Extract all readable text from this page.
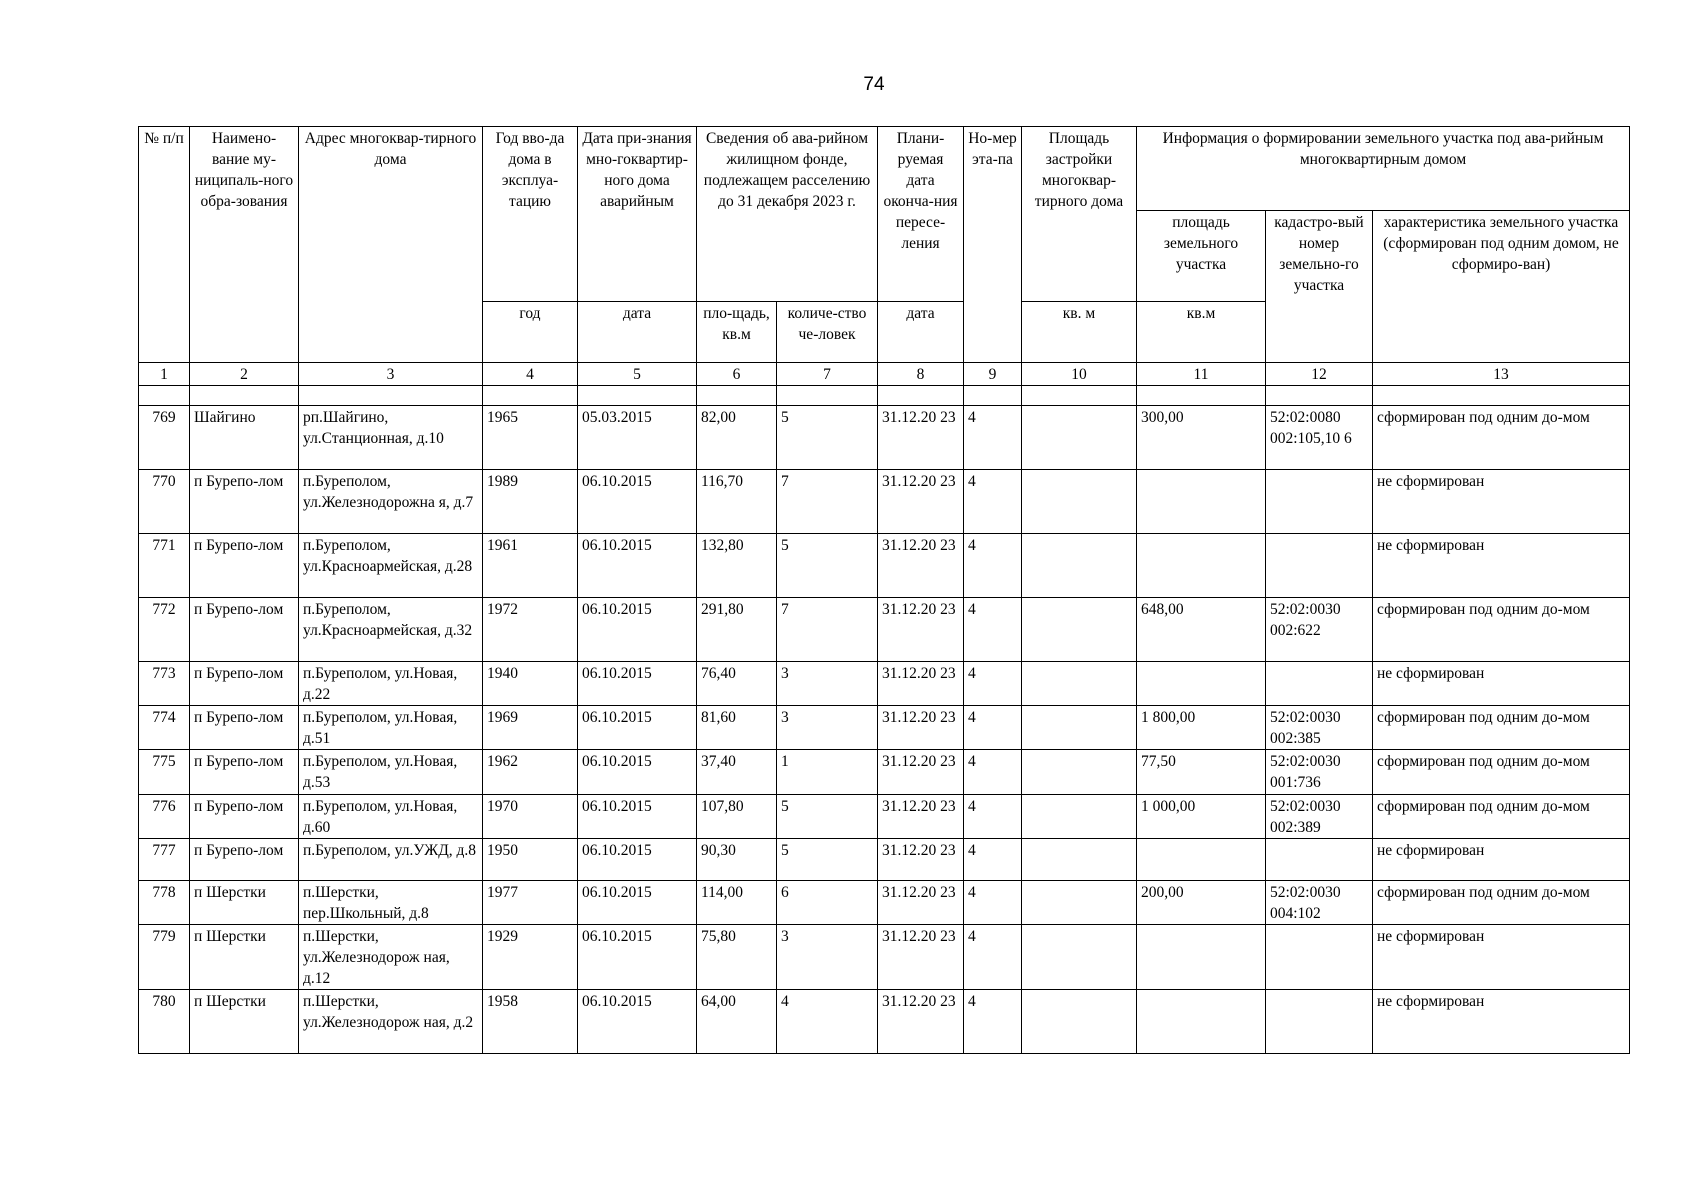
74
№ п/п	Наимено-вание му-ниципаль-ного обра-зования	Адрес многоквар-тирного дома	Год вво-да дома в эксплуа-тацию	Дата при-знания мно-гоквартир-ного дома аварийным	Сведения об ава-рийном жилищном фонде, подлежащем расселению до 31 декабря 2023 г.		Плани-руемая дата оконча-ния пересе-ления	Но-мер эта-па	Площадь застройки многоквар-тирного дома	Информация о формировании земельного участка под ава-рийным многоквартирным домом		
										площадь земельного участка	кадастро-вый номер земельно-го участка	характеристика земельного участка (сформирован под одним домом, не сформиро-ван)
			год	дата	пло-щадь, кв.м	количе-ство че-ловек	дата		кв. м	кв.м		
1	2	3	4	5	6	7	8	9	10	11	12	13

769	Шайгино	рп.Шайгино, ул.Станционная, д.10	1965	05.03.2015	82,00	5	31.12.20 23	4		300,00	52:02:0080 002:105,10 6	сформирован под одним до-мом
770	п Бурепо-лом	п.Буреполом, ул.Железнодорожна я, д.7	1989	06.10.2015	116,70	7	31.12.20 23	4				не сформирован
771	п Бурепо-лом	п.Буреполом, ул.Красноармейская, д.28	1961	06.10.2015	132,80	5	31.12.20 23	4				не сформирован
772	п Бурепо-лом	п.Буреполом, ул.Красноармейская, д.32	1972	06.10.2015	291,80	7	31.12.20 23	4		648,00	52:02:0030 002:622	сформирован под одним до-мом
773	п Бурепо-лом	п.Буреполом, ул.Новая, д.22	1940	06.10.2015	76,40	3	31.12.20 23	4				не сформирован
774	п Бурепо-лом	п.Буреполом, ул.Новая, д.51	1969	06.10.2015	81,60	3	31.12.20 23	4		1 800,00	52:02:0030 002:385	сформирован под одним до-мом
775	п Бурепо-лом	п.Буреполом, ул.Новая, д.53	1962	06.10.2015	37,40	1	31.12.20 23	4		77,50	52:02:0030 001:736	сформирован под одним до-мом
776	п Бурепо-лом	п.Буреполом, ул.Новая, д.60	1970	06.10.2015	107,80	5	31.12.20 23	4		1 000,00	52:02:0030 002:389	сформирован под одним до-мом
777	п Бурепо-лом	п.Буреполом, ул.УЖД, д.8	1950	06.10.2015	90,30	5	31.12.20 23	4				не сформирован
778	п Шерстки	п.Шерстки, пер.Школьный, д.8	1977	06.10.2015	114,00	6	31.12.20 23	4		200,00	52:02:0030 004:102	сформирован под одним до-мом
779	п Шерстки	п.Шерстки, ул.Железнодорож ная, д.12	1929	06.10.2015	75,80	3	31.12.20 23	4				не сформирован
780	п Шерстки	п.Шерстки, ул.Железнодорож ная, д.2	1958	06.10.2015	64,00	4	31.12.20 23	4				не сформирован
